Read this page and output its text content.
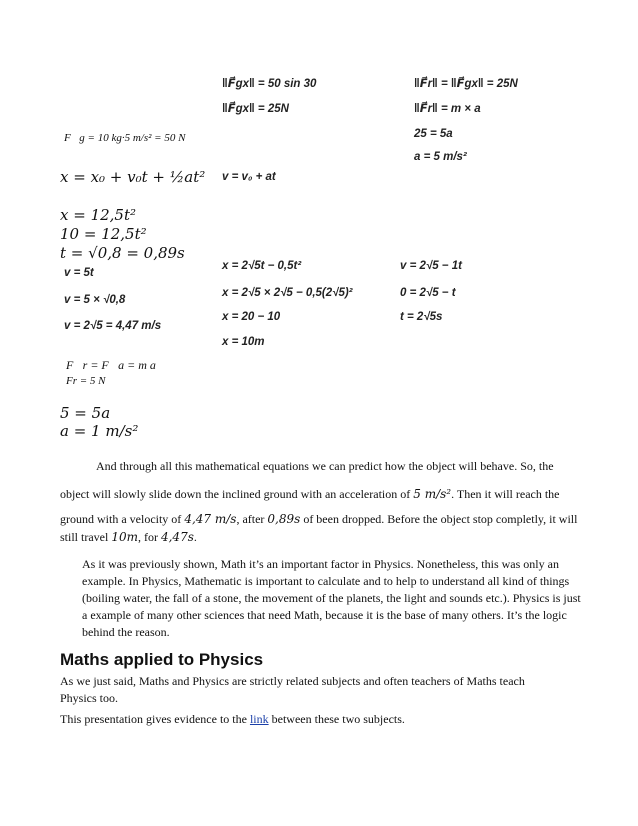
‖F⃗gx‖ = 50 sin 30
‖F⃗gx‖ = 25N
v = v₀ + at
x = 2√5t − 0,5t²
x = 2√5 × 2√5 − 0,5(2√5)²
x = 20 − 10
x = 10m
‖F⃗r‖ = ‖F⃗gx‖ = 25N
‖F⃗r‖ = m × a
25 = 5a
a = 5 m/s²
v = 2√5 − 1t
0 = 2√5 − t
t = 2√5s
F⃗g = 10 kg·5 m/s² = 50 N
x = x₀ + v₀t + ½at²
x = 12,5t²
10 = 12,5t²
t = √0,8 = 0,89s
v = 5t
v = 5 × √0,8
v = 2√5 = 4,47 m/s
F⃗r = F⃗a = m a⃗
Fr = 5 N
5 = 5a
a = 1 m/s²
And through all this mathematical equations we can predict how the object will behave. So, the
object will slowly slide down the inclined ground with an acceleration of 5 m/s². Then it will reach the
ground with a velocity of 4,47 m/s, after 0,89s of been dropped. Before the object stop completly, it will
still travel 10m, for 4,47s.
As it was previously shown, Math it’s an important factor in Physics. Nonetheless, this was only an example. In Physics, Mathematic is important to calculate and to help to understand all kind of things (boiling water, the fall of a stone, the movement of the planets, the light and sounds etc.). Physics is just a example of many other sciences that need Math, because it is the base of many others. It’s the logic behind the reason.
Maths applied to Physics
As we just said, Maths and Physics are strictly related subjects and often teachers of Maths teach Physics too.
This presentation gives evidence to the link between these two subjects.
